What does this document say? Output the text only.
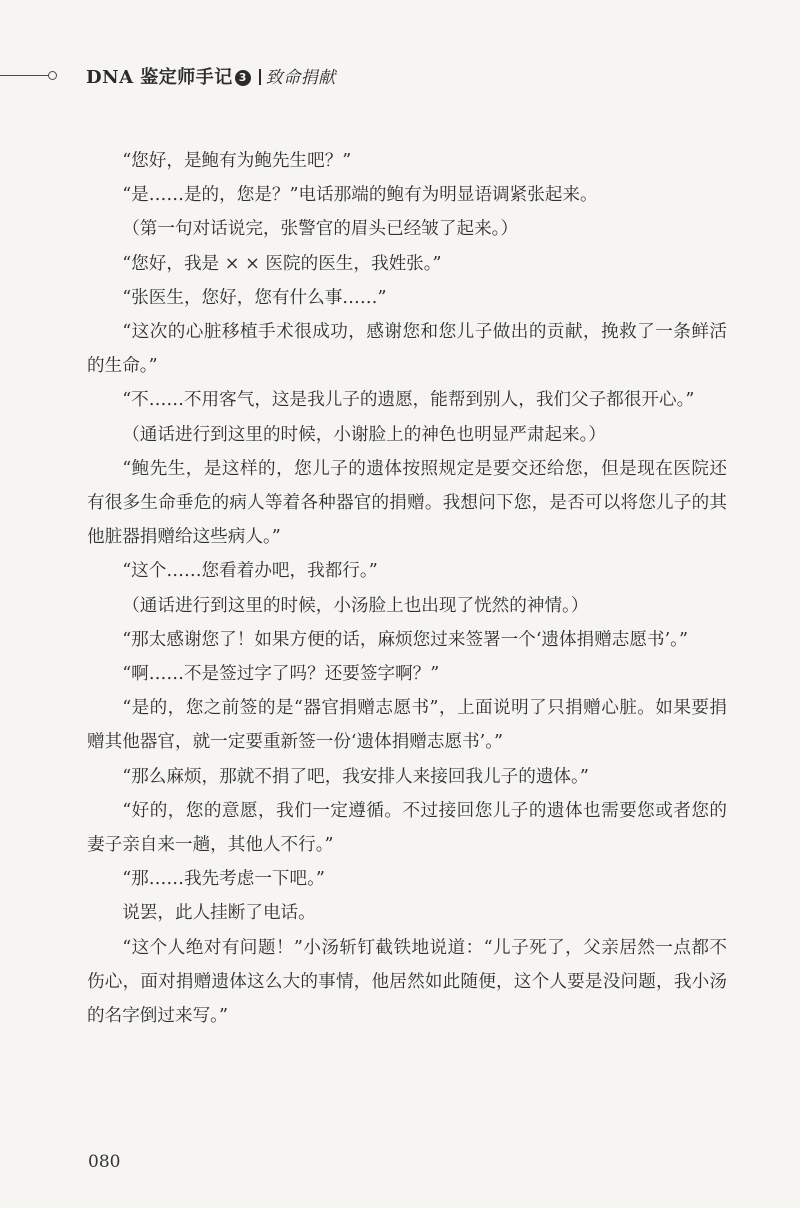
DNA 鉴定师手记 3 致命捐献

“您好，是鲍有为鲍先生吧？”

“是……是的，您是？”电话那端的鲍有为明显语调紧张起来。

（第一句对话说完，张警官的眉头已经皱了起来。）

“您好，我是 × × 医院的医生，我姓张。”

“张医生，您好，您有什么事……”

“这次的心脏移植手术很成功，感谢您和您儿子做出的贡献，挽救了一条鲜活的生命。”

“不……不用客气，这是我儿子的遗愿，能帮到别人，我们父子都很开心。”

（通话进行到这里的时候，小谢脸上的神色也明显严肃起来。）

“鲍先生，是这样的，您儿子的遗体按照规定是要交还给您，但是现在医院还有很多生命垂危的病人等着各种器官的捐赠。我想问下您，是否可以将您儿子的其他脏器捐赠给这些病人。”

“这个……您看着办吧，我都行。”

（通话进行到这里的时候，小汤脸上也出现了恍然的神情。）

“那太感谢您了！如果方便的话，麻烦您过来签署一个‘遗体捐赠志愿书’。”

“啊……不是签过字了吗？还要签字啊？”

“是的，您之前签的是“器官捐赠志愿书”，上面说明了只捐赠心脏。如果要捐赠其他器官，就一定要重新签一份‘遗体捐赠志愿书’。”

“那么麻烦，那就不捐了吧，我安排人来接回我儿子的遗体。”

“好的，您的意愿，我们一定遵循。不过接回您儿子的遗体也需要您或者您的妻子亲自来一趟，其他人不行。”

“那……我先考虑一下吧。”

说罢，此人挂断了电话。

“这个人绝对有问题！”小汤斩钉截铁地说道：“儿子死了，父亲居然一点都不伤心，面对捐赠遗体这么大的事情，他居然如此随便，这个人要是没问题，我小汤的名字倒过来写。”

080
